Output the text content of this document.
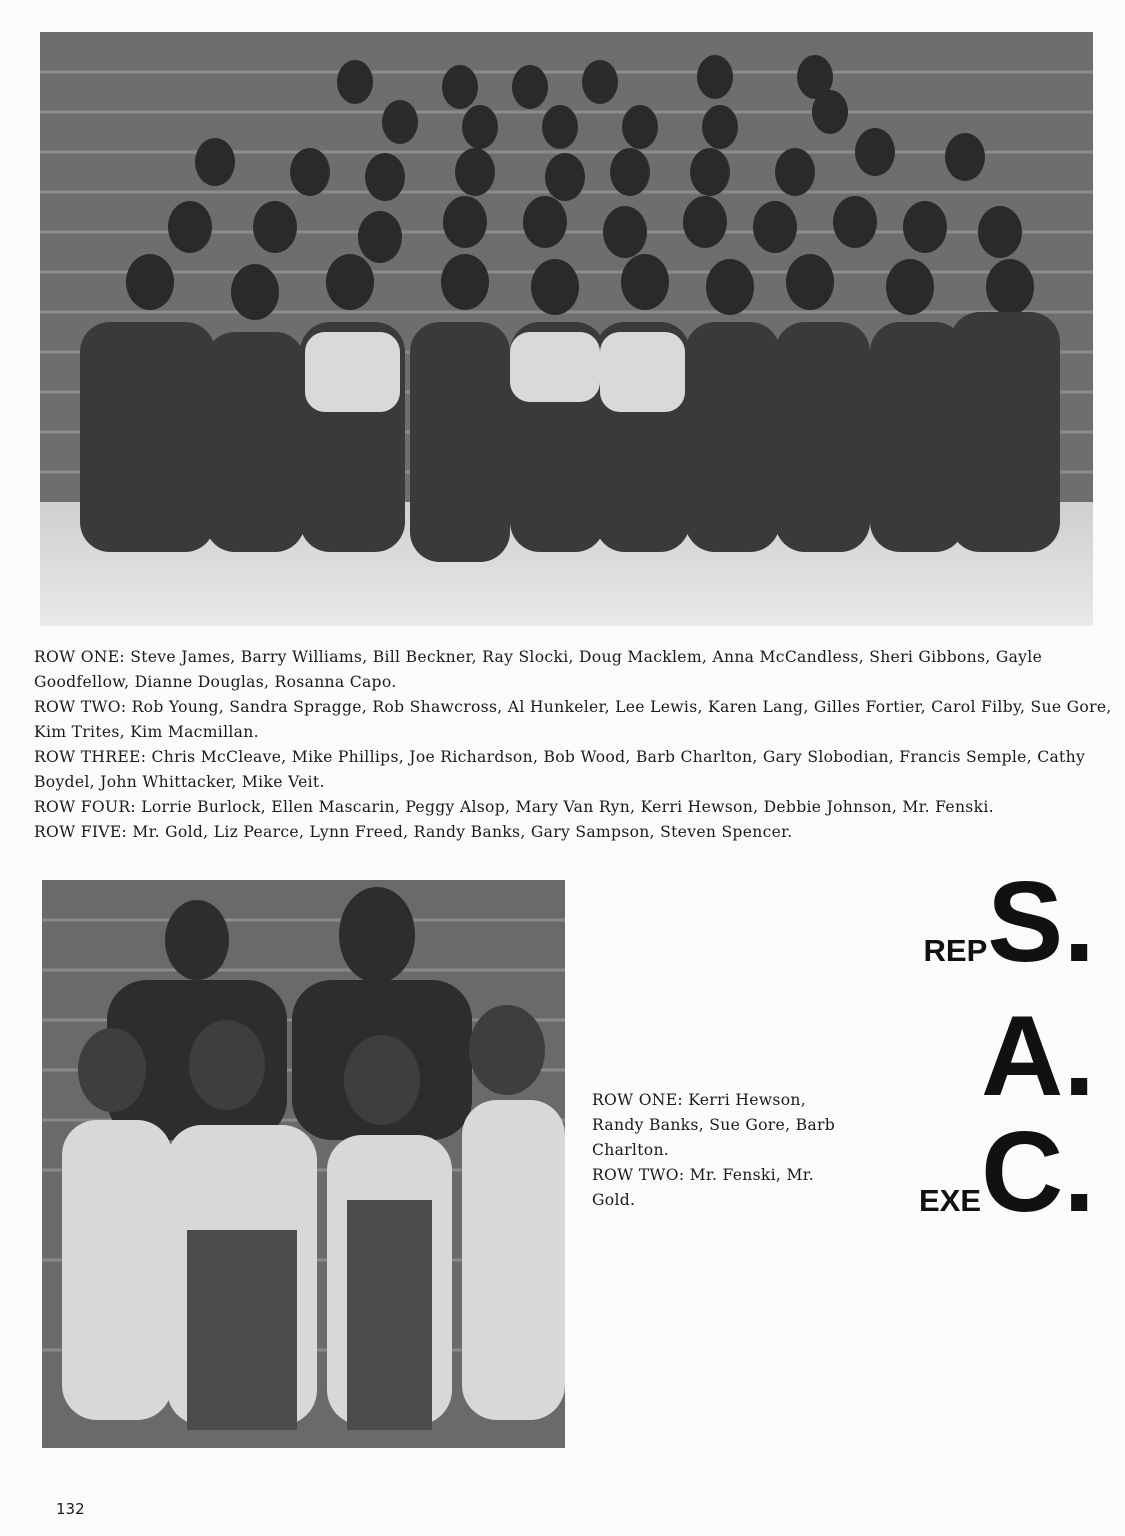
ROW ONE: Steve James, Barry Williams, Bill Beckner, Ray Slocki, Doug Macklem, Anna McCandless, Sheri Gibbons, Gayle Goodfellow, Dianne Douglas, Rosanna Capo.

ROW TWO: Rob Young, Sandra Spragge, Rob Shawcross, Al Hunkeler, Lee Lewis, Karen Lang, Gilles Fortier, Carol Filby, Sue Gore, Kim Trites, Kim Macmillan.

ROW THREE: Chris McCleave, Mike Phillips, Joe Richardson, Bob Wood, Barb Charlton, Gary Slobodian, Francis Semple, Cathy Boydel, John Whittacker, Mike Veit.

ROW FOUR: Lorrie Burlock, Ellen Mascarin, Peggy Alsop, Mary Van Ryn, Kerri Hewson, Debbie Johnson, Mr. Fenski.

ROW FIVE: Mr. Gold, Liz Pearce, Lynn Freed, Randy Banks, Gary Sampson, Steven Spencer.

ROW ONE: Kerri Hewson, Randy Banks, Sue Gore, Barb Charlton.

ROW TWO: Mr. Fenski, Mr. Gold.

REPS.
A.
EXEC.
132
